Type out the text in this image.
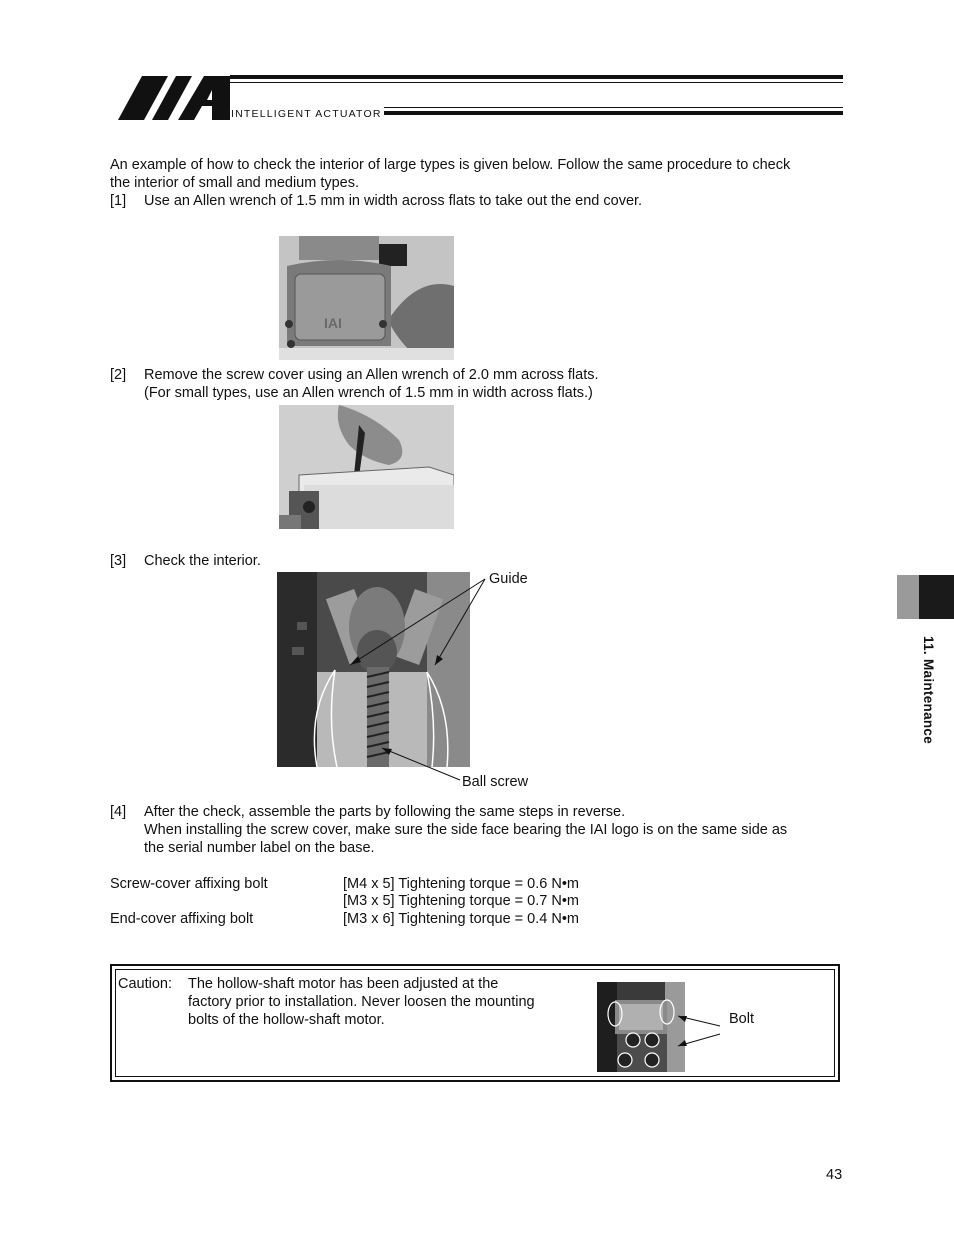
INTELLIGENT ACTUATOR
An example of how to check the interior of large types is given below. Follow the same procedure to check
the interior of small and medium types.
[1] Use an Allen wrench of 1.5 mm in width across flats to take out the end cover.
IAI
[2] Remove the screw cover using an Allen wrench of 2.0 mm across flats.
(For small types, use an Allen wrench of 1.5 mm in width across flats.)
[3] Check the interior.
Guide
Ball screw
[4] After the check, assemble the parts by following the same steps in reverse.
When installing the screw cover, make sure the side face bearing the IAI logo is on the same side as
the serial number label on the base.
Screw-cover affixing bolt	[M4 x 5] Tightening torque = 0.6 N•m
[M3 x 5] Tightening torque = 0.7 N•m
End-cover affixing bolt	[M3 x 6] Tightening torque = 0.4 N•m
Caution: The hollow-shaft motor has been adjusted at the
factory prior to installation. Never loosen the mounting
bolts of the hollow-shaft motor.	Bolt
11. Maintenance
43
